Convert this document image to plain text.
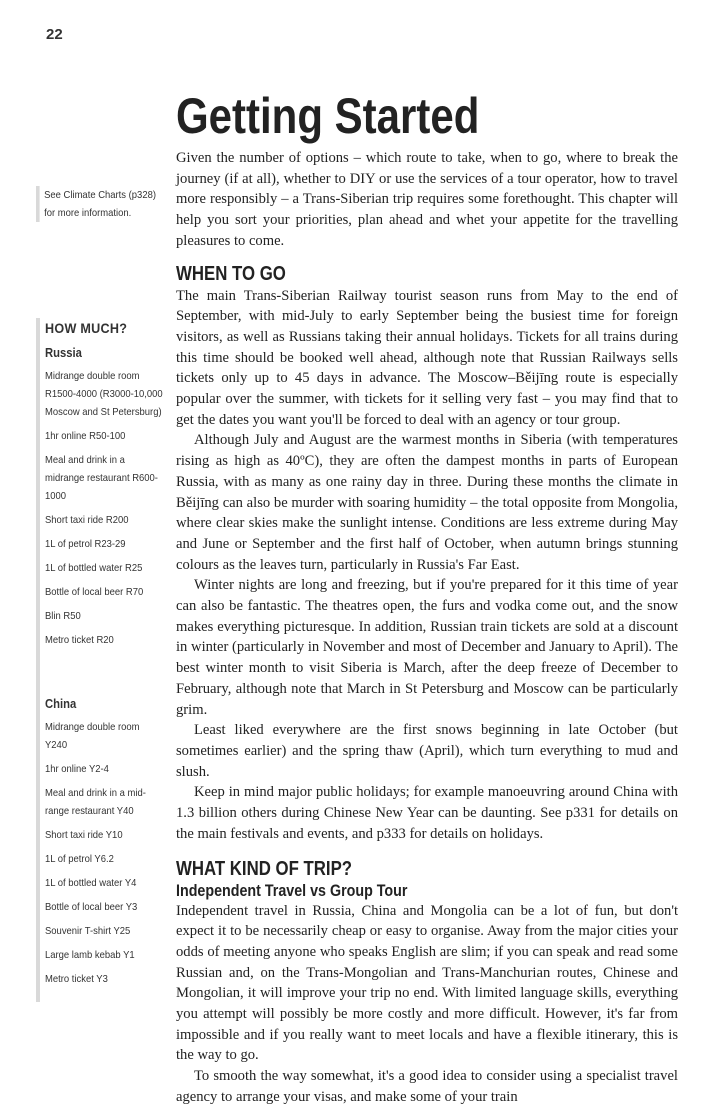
22
See Climate Charts (p328) for more information.
HOW MUCH?
Russia
Midrange double room R1500-4000 (R3000-10,000 Moscow and St Petersburg)
1hr online R50-100
Meal and drink in a midrange restaurant R600-1000
Short taxi ride R200
1L of petrol R23-29
1L of bottled water R25
Bottle of local beer R70
Blin R50
Metro ticket R20
China
Midrange double room Y240
1hr online Y2-4
Meal and drink in a mid-range restaurant Y40
Short taxi ride Y10
1L of petrol Y6.2
1L of bottled water Y4
Bottle of local beer Y3
Souvenir T-shirt Y25
Large lamb kebab Y1
Metro ticket Y3
Getting Started

Given the number of options – which route to take, when to go, where to break the journey (if at all), whether to DIY or use the services of a tour operator, how to travel more responsibly – a Trans-Siberian trip requires some forethought. This chapter will help you sort your priorities, plan ahead and whet your appetite for the travelling pleasures to come.

WHEN TO GO

The main Trans-Siberian Railway tourist season runs from May to the end of September, with mid-July to early September being the busiest time for foreign visitors, as well as Russians taking their annual holidays. Tickets for all trains during this time should be booked well ahead, although note that Russian Railways sells tickets only up to 45 days in advance. The Moscow–Běijīng route is especially popular over the summer, with tickets for it selling very fast – you may find that to get the dates you want you'll be forced to deal with an agency or tour group.

Although July and August are the warmest months in Siberia (with temperatures rising as high as 40ºC), they are often the dampest months in parts of European Russia, with as many as one rainy day in three. During these months the climate in Běijīng can also be murder with soaring humidity – the total opposite from Mongolia, where clear skies make the sunlight intense. Conditions are less extreme during May and June or September and the first half of October, when autumn brings stunning colours as the leaves turn, particularly in Russia's Far East.

Winter nights are long and freezing, but if you're prepared for it this time of year can also be fantastic. The theatres open, the furs and vodka come out, and the snow makes everything picturesque. In addition, Russian train tickets are sold at a discount in winter (particularly in November and most of December and January to April). The best winter month to visit Siberia is March, after the deep freeze of December to February, although note that March in St Petersburg and Moscow can be particularly grim.

Least liked everywhere are the first snows beginning in late October (but sometimes earlier) and the spring thaw (April), which turn everything to mud and slush.

Keep in mind major public holidays; for example manoeuvring around China with 1.3 billion others during Chinese New Year can be daunting. See p331 for details on the main festivals and events, and p333 for details on holidays.

WHAT KIND OF TRIP?
Independent Travel vs Group Tour

Independent travel in Russia, China and Mongolia can be a lot of fun, but don't expect it to be necessarily cheap or easy to organise. Away from the major cities your odds of meeting anyone who speaks English are slim; if you can speak and read some Russian and, on the Trans-Mongolian and Trans-Manchurian routes, Chinese and Mongolian, it will improve your trip no end. With limited language skills, everything you attempt will possibly be more costly and more difficult. However, it's far from impossible and if you really want to meet locals and have a flexible itinerary, this is the way to go.

To smooth the way somewhat, it's a good idea to consider using a specialist travel agency to arrange your visas, and make some of your train
